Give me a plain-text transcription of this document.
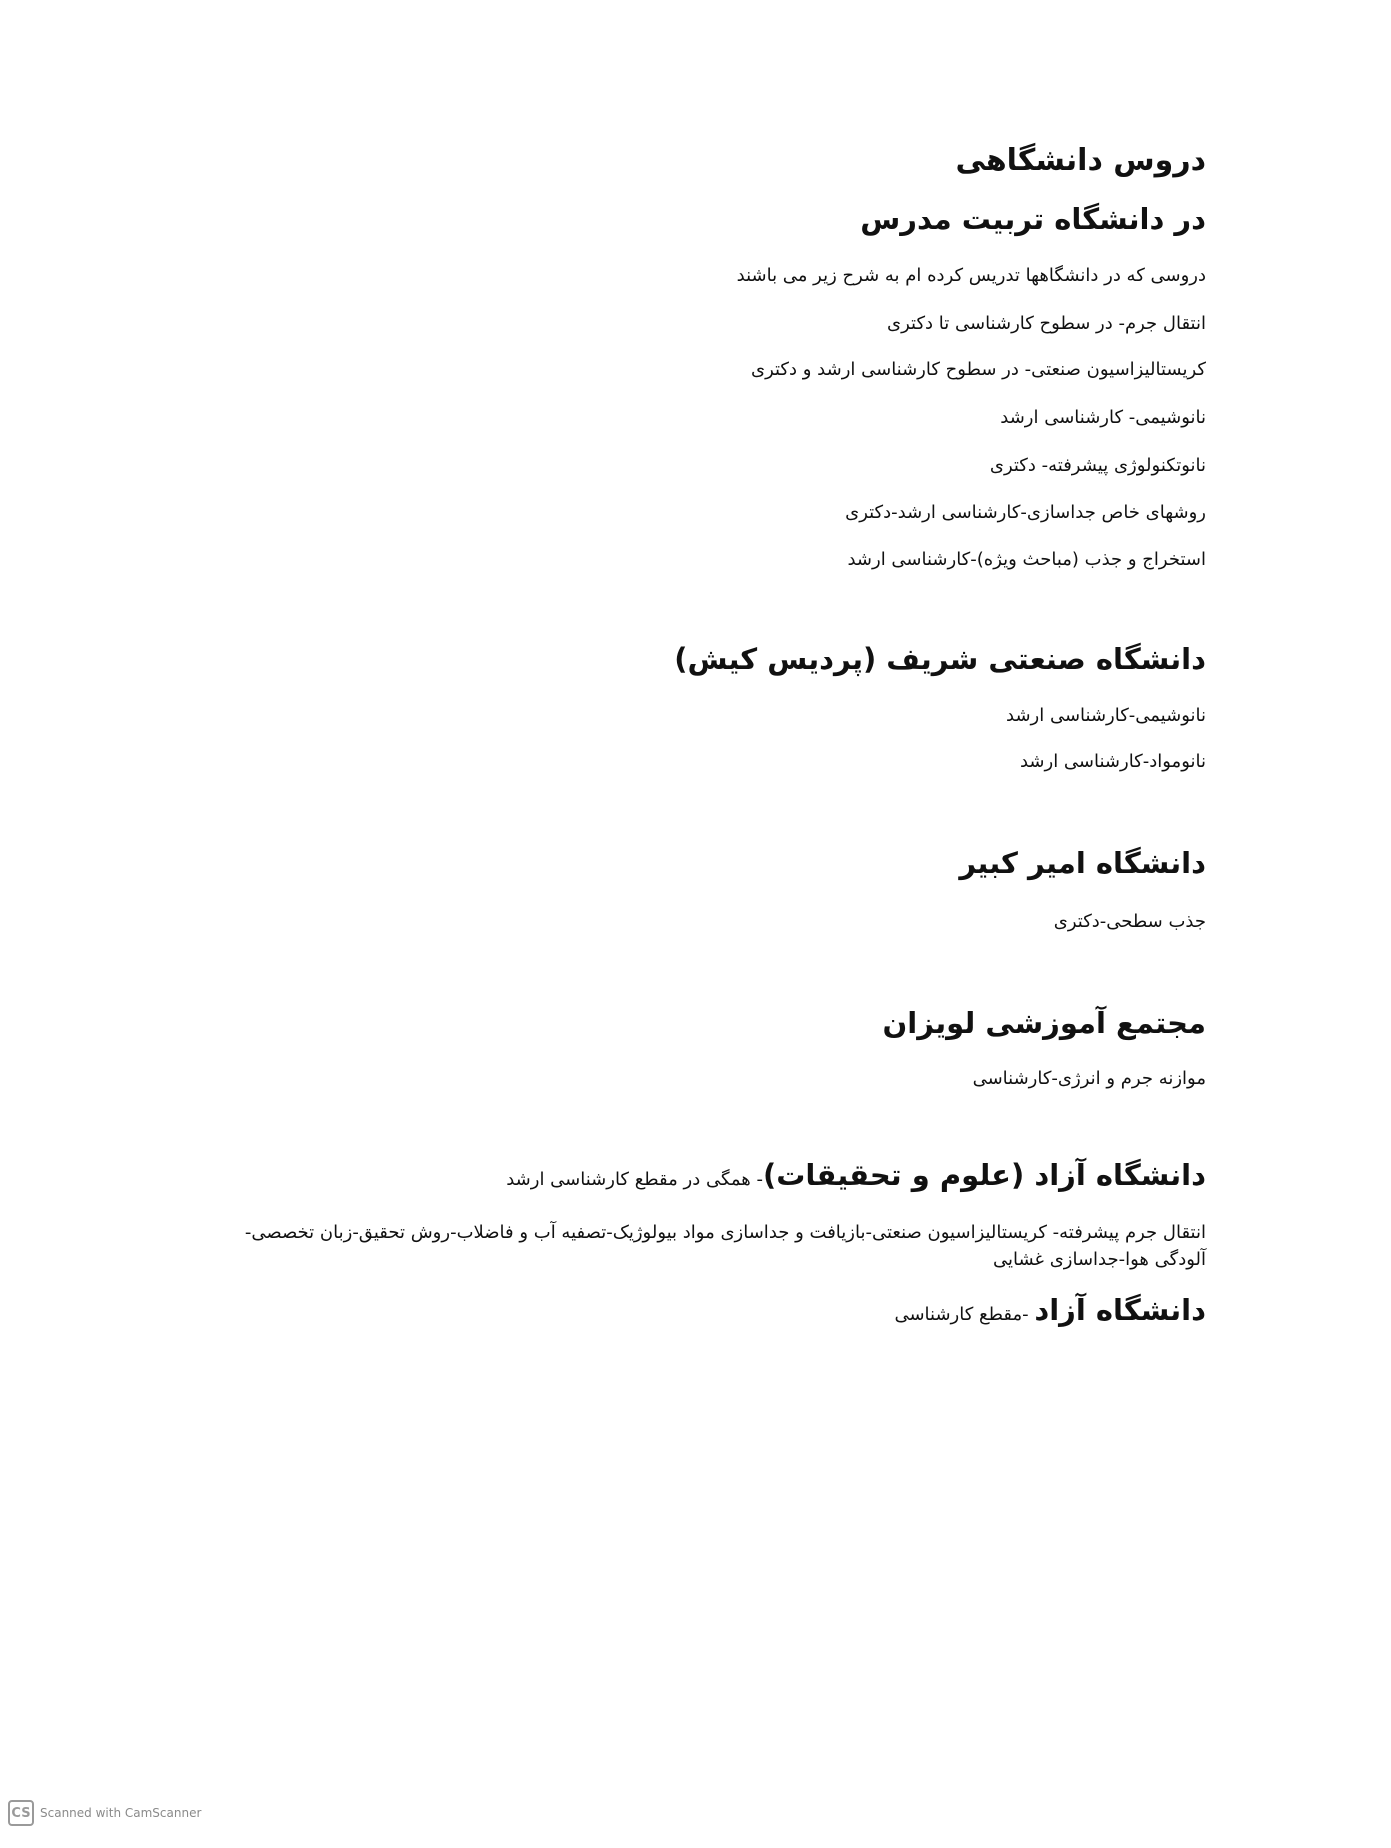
دروس دانشگاهی
در دانشگاه تربیت مدرس
دروسی که در دانشگاهها تدریس کرده ام به شرح زیر می باشند
انتقال جرم- در سطوح کارشناسی تا دکتری
کریستالیزاسیون صنعتی- در سطوح کارشناسی ارشد و دکتری
نانوشیمی- کارشناسی ارشد
نانوتکنولوژی پیشرفته- دکتری
روشهای خاص جداسازی-کارشناسی ارشد-دکتری
استخراج و جذب (مباحث ویژه)-کارشناسی ارشد
دانشگاه صنعتی شریف (پردیس کیش)
نانوشیمی-کارشناسی ارشد
نانومواد-کارشناسی ارشد
دانشگاه امیر کبیر
جذب سطحی-دکتری
مجتمع آموزشی لویزان
موازنه جرم و انرژی-کارشناسی
دانشگاه آزاد (علوم و تحقیقات)- همگی در مقطع کارشناسی ارشد
انتقال جرم پیشرفته- کریستالیزاسیون صنعتی-بازیافت و جداسازی مواد بیولوژیک-تصفیه آب و فاضلاب-روش تحقیق-زبان تخصصی-آلودگی هوا-جداسازی غشایی
دانشگاه آزاد -مقطع کارشناسی
CS Scanned with CamScanner
